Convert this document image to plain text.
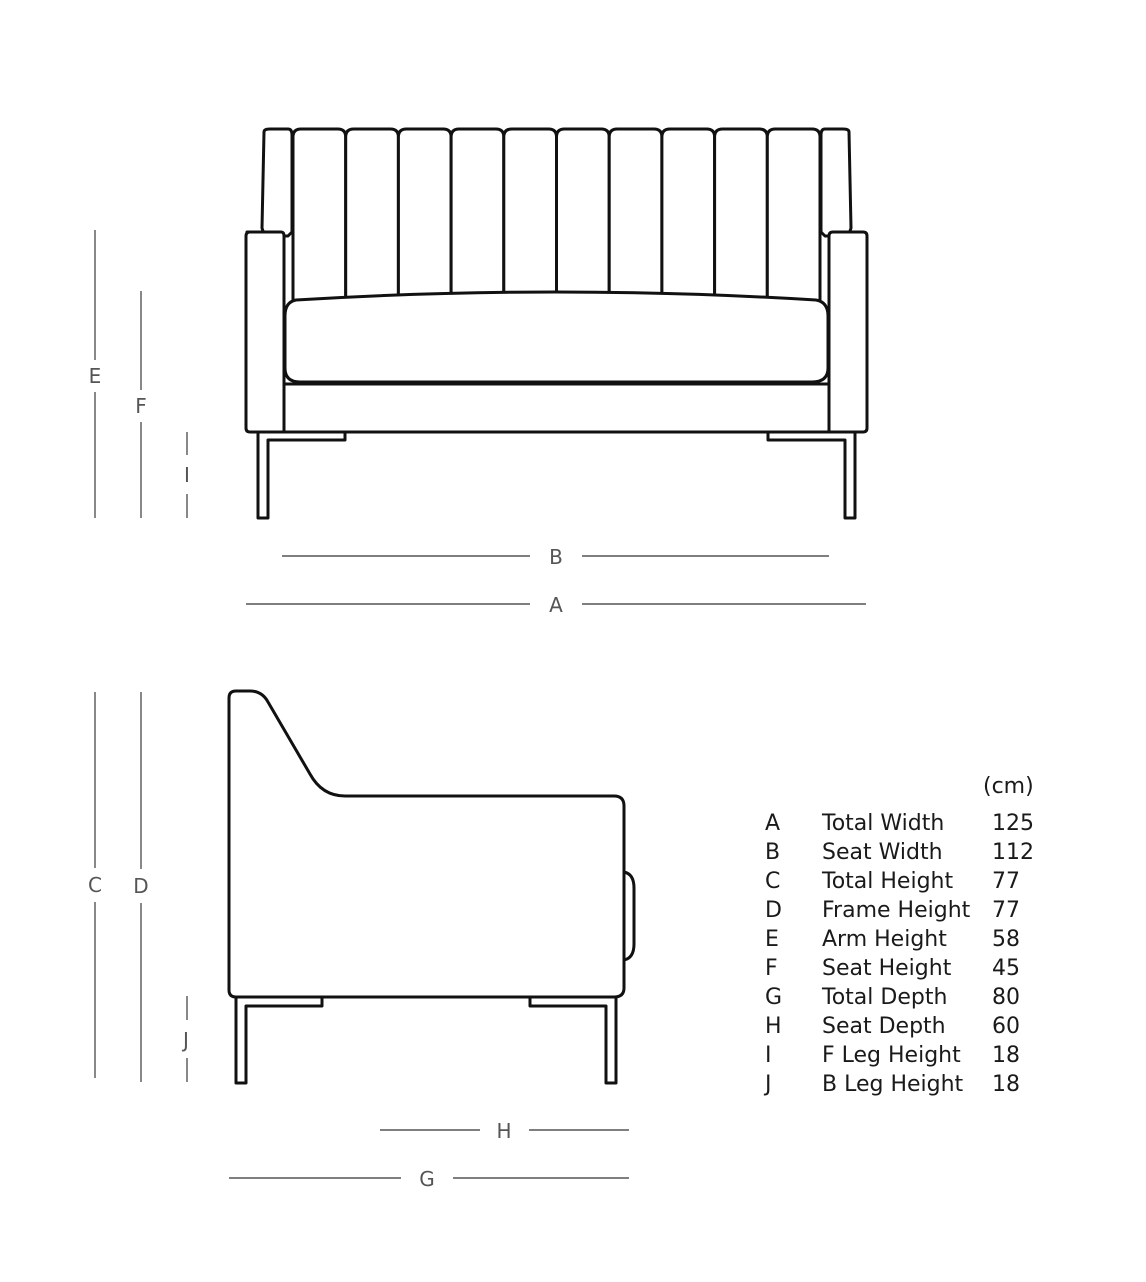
A
B
E
F
I
C D
J
H
G
(cm)
A Total Width 125
B Seat Width 112
C Total Height 77
D Frame Height 77
E Arm Height 58
F Seat Height 45
G Total Depth 80
H Seat Depth 60
I F Leg Height 18
J B Leg Height 18
